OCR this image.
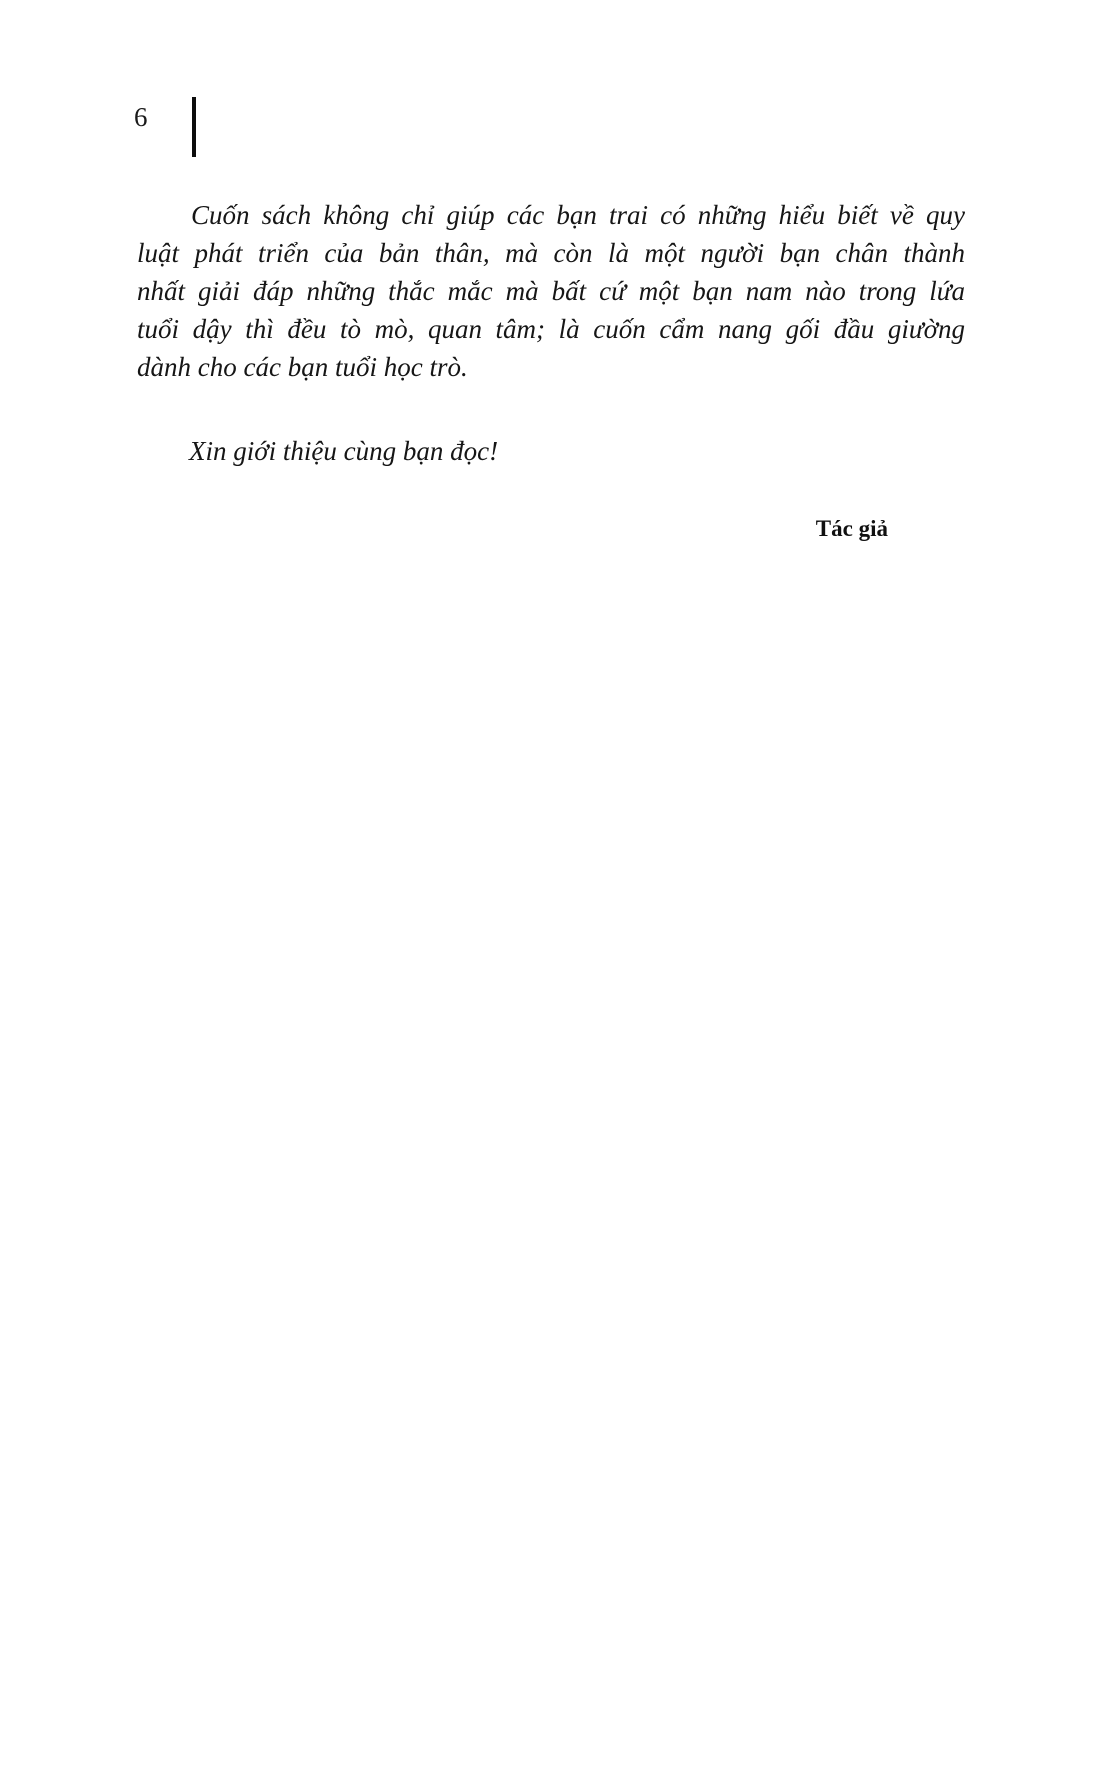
6

Cuốn sách không chỉ giúp các bạn trai có những hiểu biết về quy
luật phát triển của bản thân, mà còn là một người bạn chân thành
nhất giải đáp những thắc mắc mà bất cứ một bạn nam nào trong lứa
tuổi dậy thì đều tò mò, quan tâm; là cuốn cẩm nang gối đầu giường
dành cho các bạn tuổi học trò.

Xin giới thiệu cùng bạn đọc!

Tác giả
